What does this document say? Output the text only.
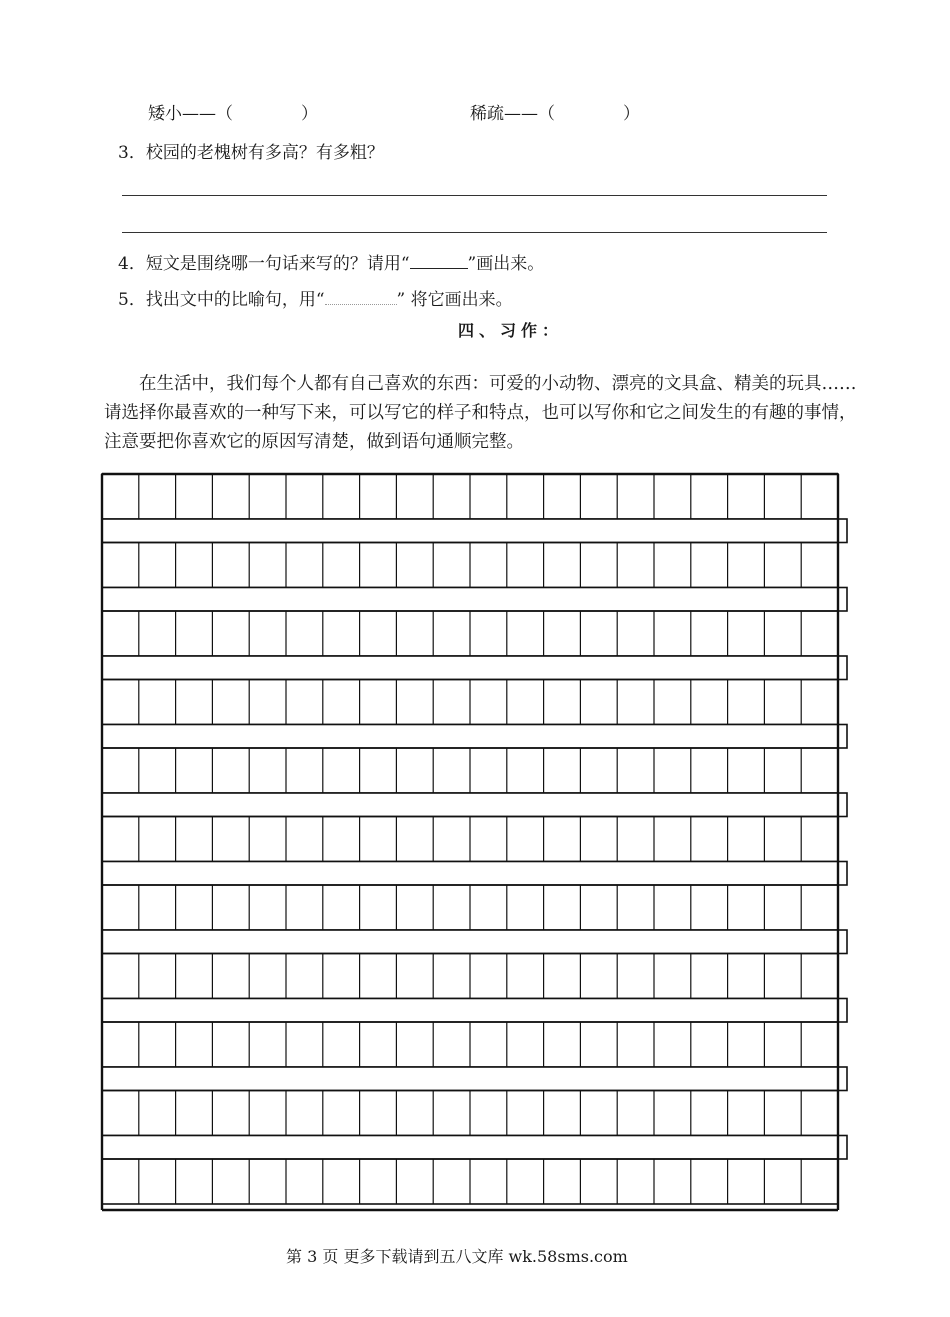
矮小——（　　　　）	稀疏——（　　　　）
3．校园的老槐树有多高？有多粗？
4．短文是围绕哪一句话来写的？请用“	”画出来。
5．找出文中的比喻句，用“	” 将它画出来。
四、习作：

在生活中，我们每个人都有自己喜欢的东西：可爱的小动物、漂亮的文具盒、精美的玩具……请选择你最喜欢的一种写下来，可以写它的样子和特点，也可以写你和它之间发生的有趣的事情，注意要把你喜欢它的原因写清楚，做到语句通顺完整。

第 3 页 更多下载请到五八文库 wk.58sms.com
